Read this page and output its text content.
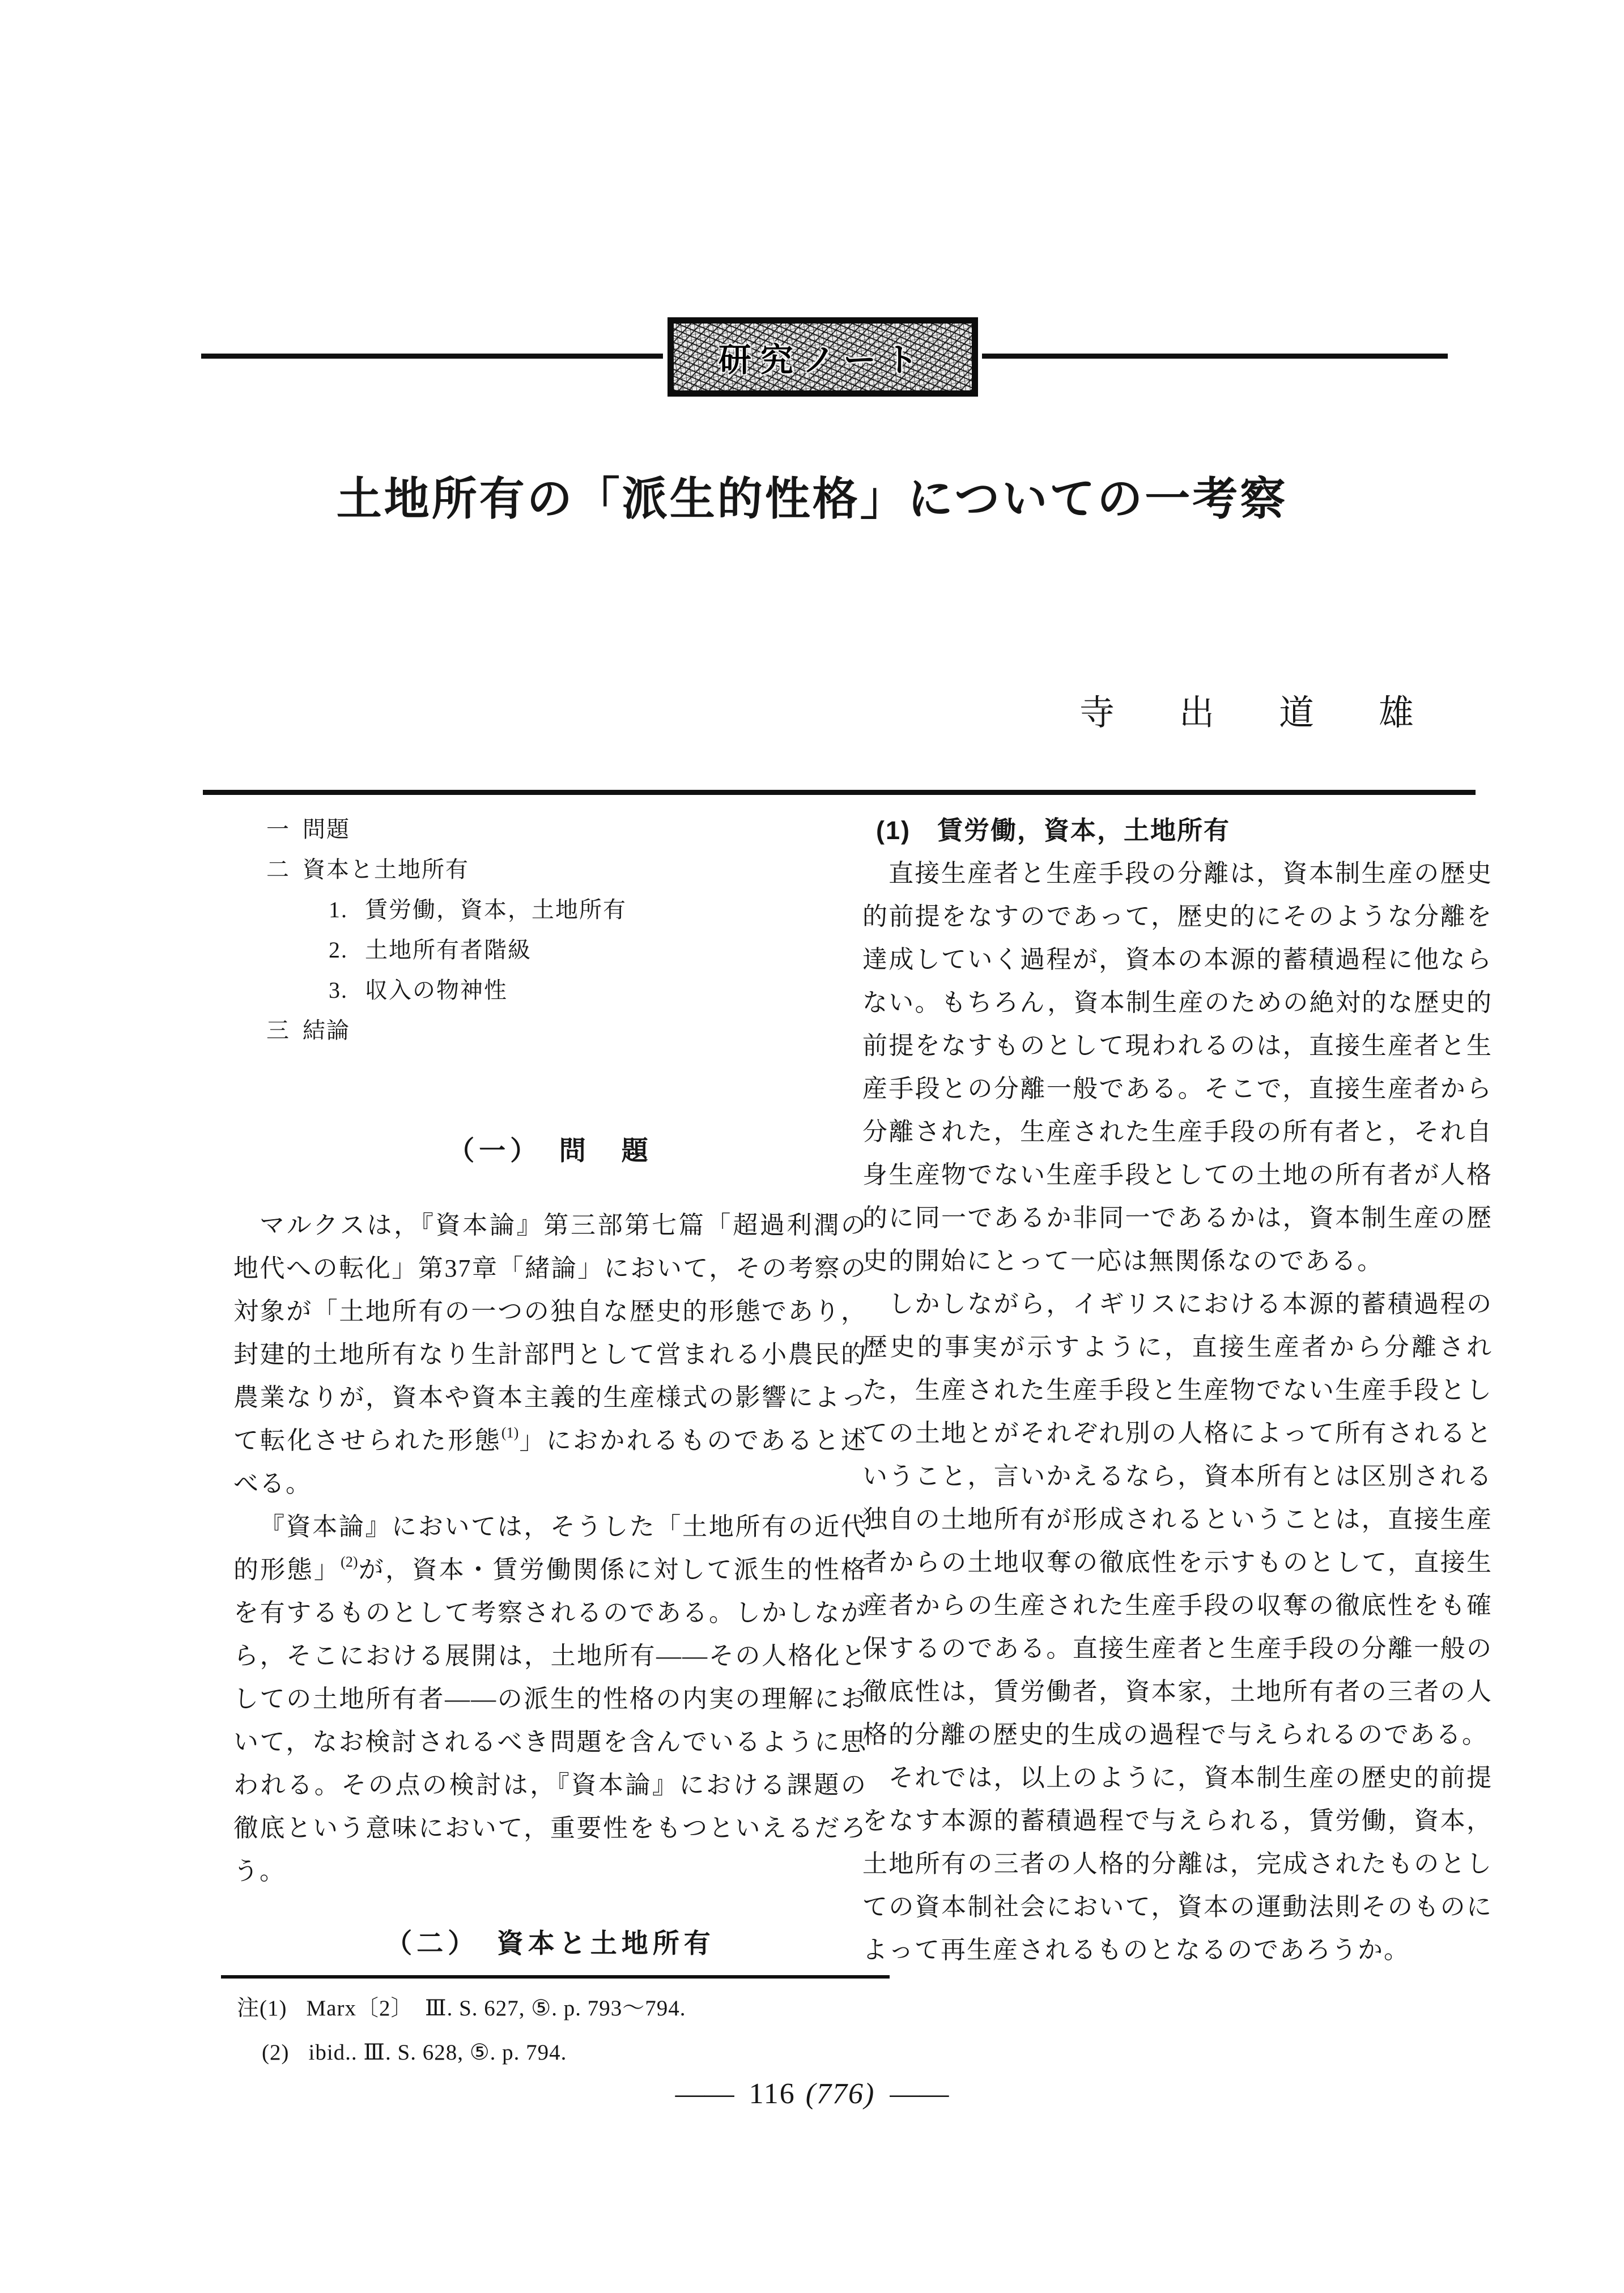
研究ノート
土地所有の「派生的性格」についての一考察
寺　出　道　雄
一 問題
二 資本と土地所有
1. 賃労働，資本，土地所有
2. 土地所有者階級
3. 収入の物神性
三 結論
（一）　問　題

マルクスは，『資本論』第三部第七篇「超過利潤の地代への転化」第37章「緒論」において，その考察の対象が「土地所有の一つの独自な歴史的形態であり，封建的土地所有なり生計部門として営まれる小農民的農業なりが，資本や資本主義的生産様式の影響によって転化させられた形態$^{(1)}$」におかれるものであると述べる。

『資本論』においては，そうした「土地所有の近代的形態」$^{(2)}$が，資本・賃労働関係に対して派生的性格を有するものとして考察されるのである。しかしながら，そこにおける展開は，土地所有——その人格化としての土地所有者——の派生的性格の内実の理解において，なお検討されるべき問題を含んでいるように思われる。その点の検討は，『資本論』における課題の徹底という意味において，重要性をもつといえるだろう。

（二）　資本と土地所有
(1)　賃労働，資本，土地所有

直接生産者と生産手段の分離は，資本制生産の歴史的前提をなすのであって，歴史的にそのような分離を達成していく過程が，資本の本源的蓄積過程に他ならない。もちろん，資本制生産のための絶対的な歴史的前提をなすものとして現われるのは，直接生産者と生産手段との分離一般である。そこで，直接生産者から分離された，生産された生産手段の所有者と，それ自身生産物でない生産手段としての土地の所有者が人格的に同一であるか非同一であるかは，資本制生産の歴史的開始にとって一応は無関係なのである。

しかしながら，イギリスにおける本源的蓄積過程の歴史的事実が示すように，直接生産者から分離された，生産された生産手段と生産物でない生産手段としての土地とがそれぞれ別の人格によって所有されるということ，言いかえるなら，資本所有とは区別される独自の土地所有が形成されるということは，直接生産者からの土地収奪の徹底性を示すものとして，直接生産者からの生産された生産手段の収奪の徹底性をも確保するのである。直接生産者と生産手段の分離一般の徹底性は，賃労働者，資本家，土地所有者の三者の人格的分離の歴史的生成の過程で与えられるのである。

それでは，以上のように，資本制生産の歴史的前提をなす本源的蓄積過程で与えられる，賃労働，資本，土地所有の三者の人格的分離は，完成されたものとしての資本制社会において，資本の運動法則そのものによって再生産されるものとなるのであろうか。

注(1) Marx〔2〕　Ⅲ. S. 627, ⑤. p. 793〜794.
(2) ibid.. Ⅲ. S. 628, ⑤. p. 794.
—— 116 (776) ——
